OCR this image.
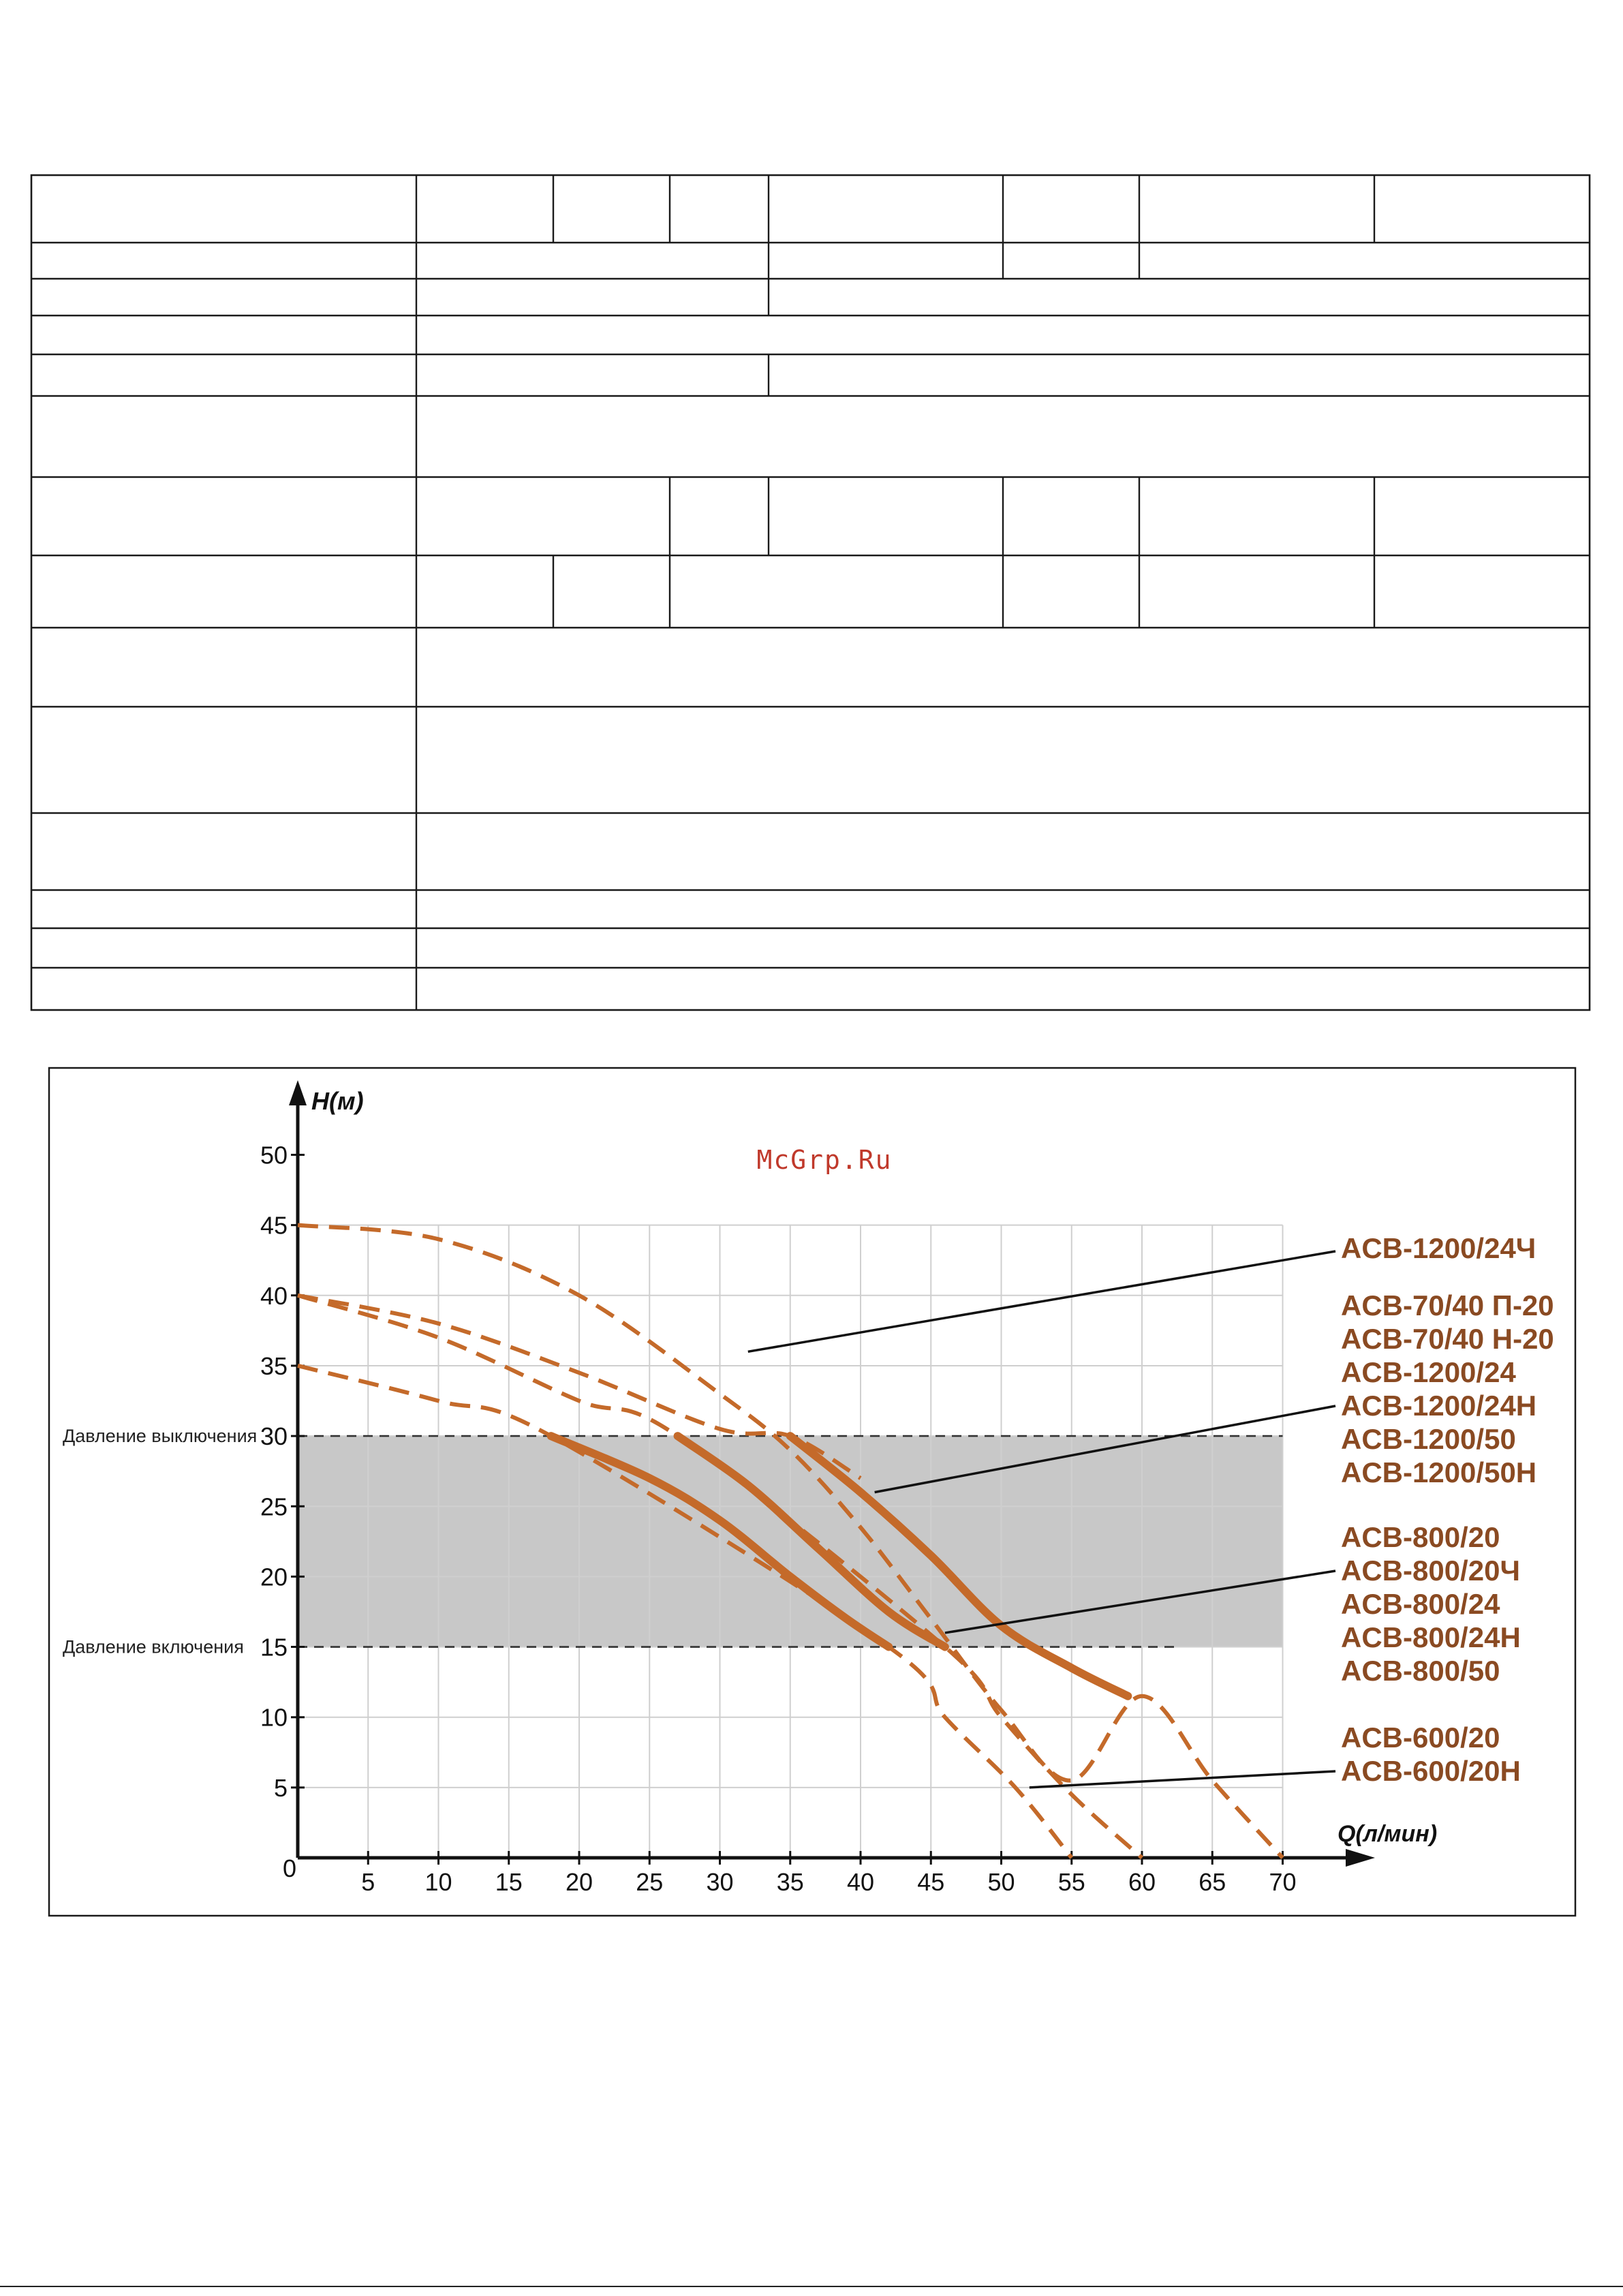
Давление выключения
Давление включения
H(м)
Q(л/мин)
5 10 15 20 25 30 35 40 45 50 55 60 65 70
0
5
10
15
20
25
30
35
40
45
50
ACB-1200/24Ч
ACB-70/40 П-20
ACB-70/40 Н-20
ACB-1200/24
ACB-1200/24Н
ACB-1200/50
ACB-1200/50Н
ACB-800/20
ACB-800/20Ч
ACB-800/24
ACB-800/24Н
ACB-800/50
ACB-600/20
ACB-600/20Н
McGrp.Ru
